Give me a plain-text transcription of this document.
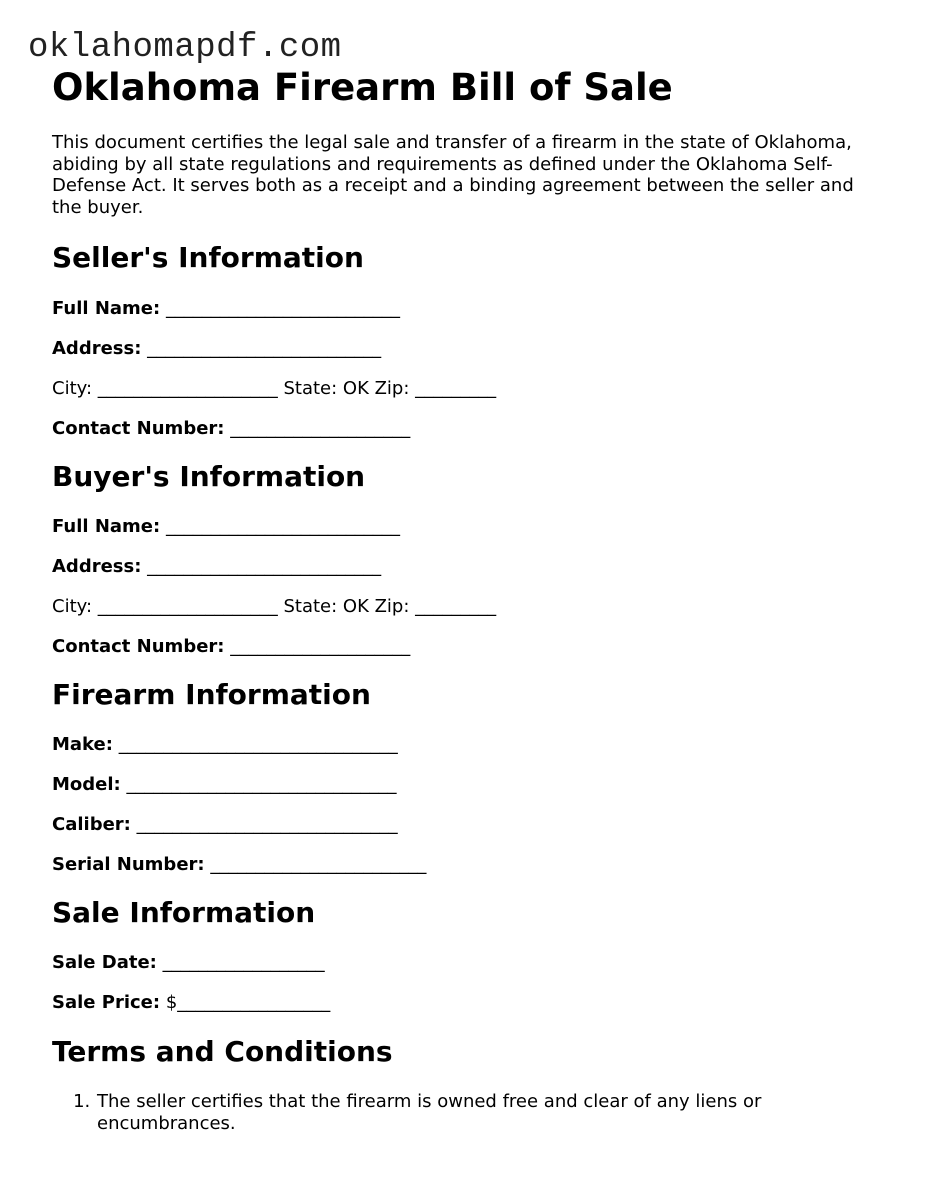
oklahomapdf.com
Oklahoma Firearm Bill of Sale

This document certifies the legal sale and transfer of a firearm in the state of Oklahoma, abiding by all state regulations and requirements as defined under the Oklahoma Self-Defense Act. It serves both as a receipt and a binding agreement between the seller and the buyer.

Seller's Information
Full Name: __________________________
Address: __________________________
City: ____________________ State: OK Zip: _________
Contact Number: ____________________
Buyer's Information
Full Name: __________________________
Address: __________________________
City: ____________________ State: OK Zip: _________
Contact Number: ____________________
Firearm Information
Make: _______________________________
Model: ______________________________
Caliber: _____________________________
Serial Number: ________________________
Sale Information
Sale Date: __________________
Sale Price: $_________________
Terms and Conditions
1. The seller certifies that the firearm is owned free and clear of any liens or encumbrances.
